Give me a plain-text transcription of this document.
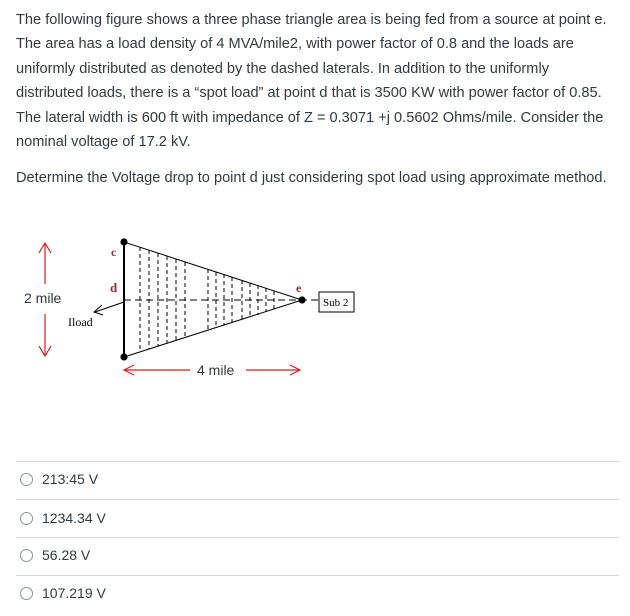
The following figure shows a three phase triangle area is being fed from a source at point e. The area has a load density of 4 MVA/mile2, with power factor of 0.8 and the loads are uniformly distributed as denoted by the dashed laterals. In addition to the uniformly distributed loads, there is a “spot load” at point d that is 3500 KW with power factor of 0.85. The lateral width is 600 ft with impedance of Z = 0.3071 +j 0.5602 Ohms/mile. Consider the nominal voltage of 17.2 kV.
Determine the Voltage drop to point d just considering spot load using approximate method.
2 mile
c
d	e
Iload
Sub 2
4 mile
213:45 V
1234.34 V
56.28 V
107.219 V
